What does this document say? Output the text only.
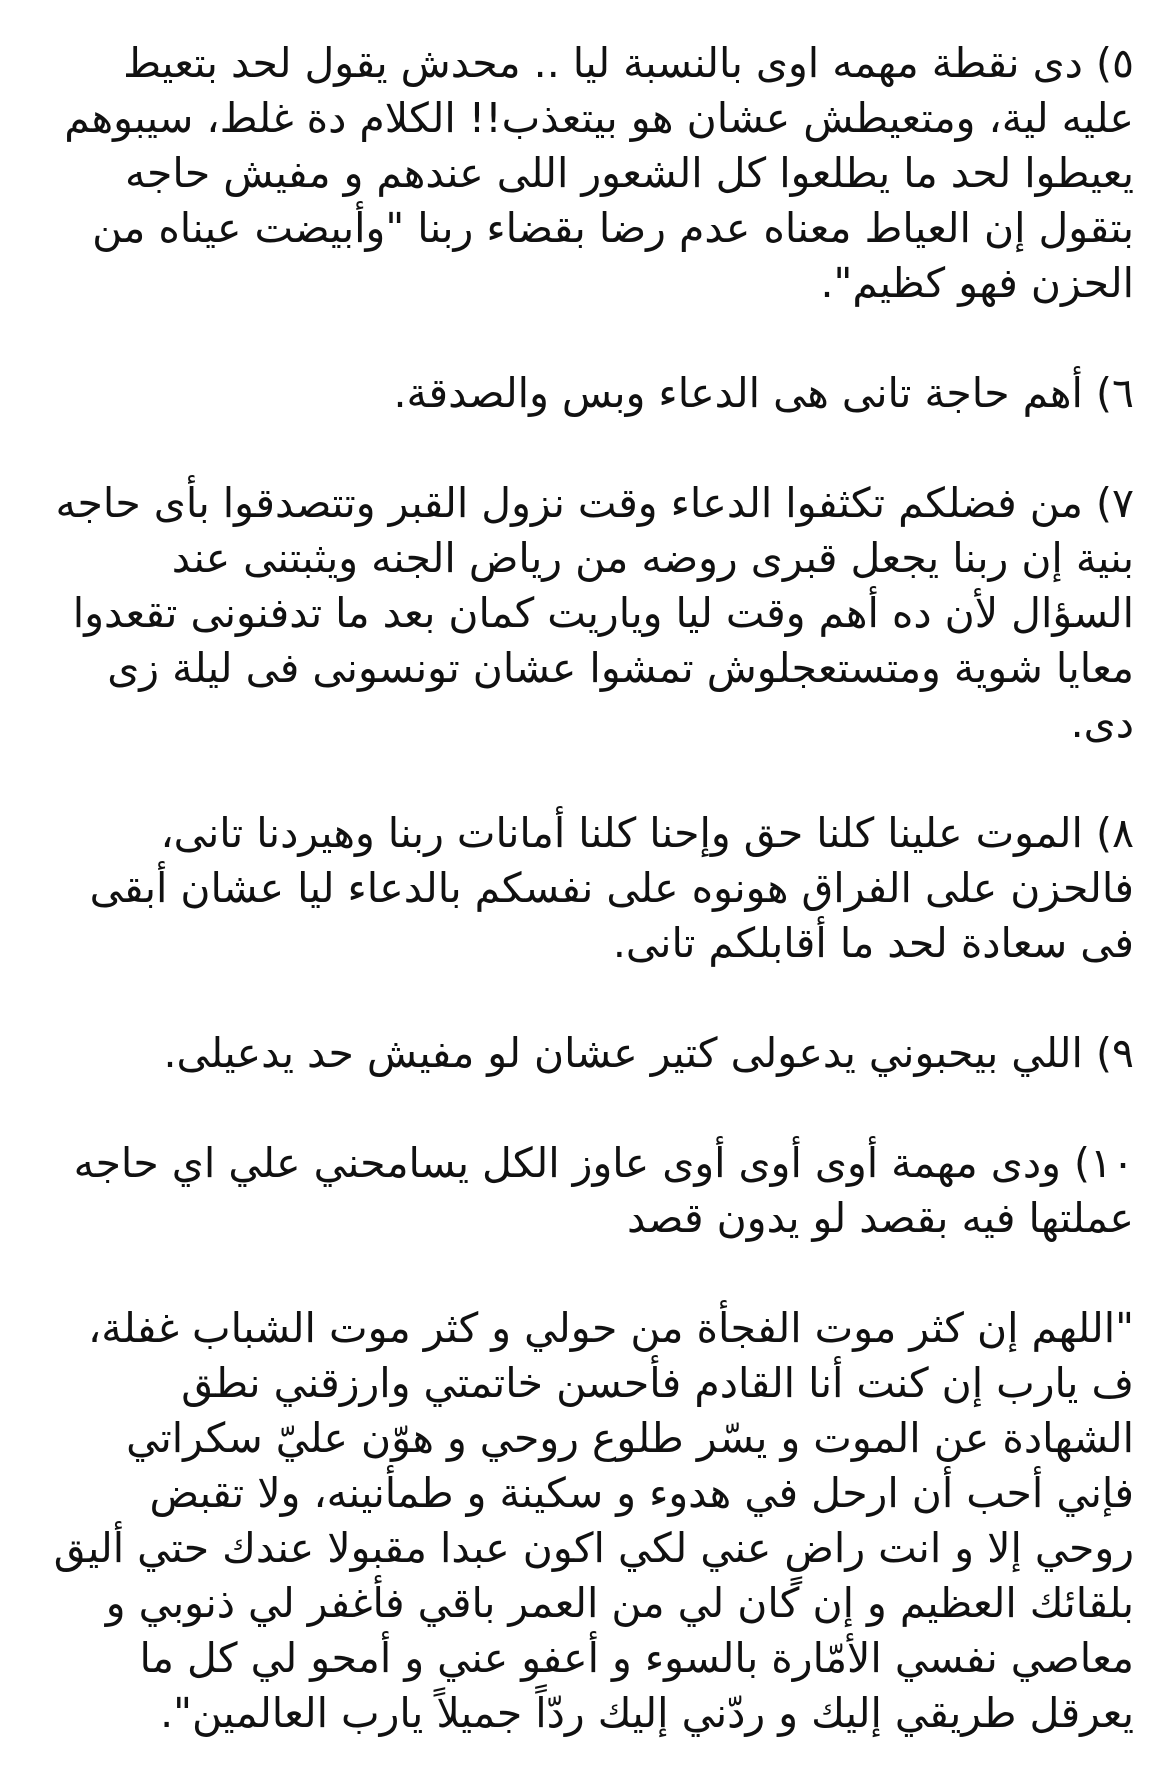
٥) دى نقطة مهمه اوى بالنسبة ليا .. محدش يقول لحد بتعيط عليه لية، ومتعيطش عشان هو بيتعذب!! الكلام دة غلط، سيبوهم يعيطوا لحد ما يطلعوا كل الشعور اللى عندهم و مفيش حاجه بتقول إن العياط معناه عدم رضا بقضاء ربنا "وأبيضت عيناه من الحزن فهو كظيم".

٦) أهم حاجة تانى هى الدعاء وبس والصدقة.

٧) من فضلكم تكثفوا الدعاء وقت نزول القبر وتتصدقوا بأى حاجه بنية إن ربنا يجعل قبرى روضه من رياض الجنه ويثبتنى عند السؤال لأن ده أهم وقت ليا وياريت كمان بعد ما تدفنونى تقعدوا معايا شوية ومتستعجلوش تمشوا عشان تونسونى فى ليلة زى دى.

٨) الموت علينا كلنا حق وإحنا كلنا أمانات ربنا وهيردنا تانى، فالحزن على الفراق هونوه على نفسكم بالدعاء ليا عشان أبقى فى سعادة لحد ما أقابلكم تانى.

٩) اللي بيحبوني يدعولى كتير عشان لو مفيش حد يدعيلى.

١٠) ودى مهمة أوى أوى أوى عاوز الكل يسامحني علي اي حاجه عملتها فيه بقصد لو يدون قصد

"اللهم إن كثر موت الفجأة من حولي و كثر موت الشباب غفلة، ف يارب إن كنت أنا القادم فأحسن خاتمتي وارزقني نطق الشهادة عن الموت و يسّر طلوع روحي و هوّن عليّ سكراتي فإني أحب أن ارحل في هدوء و سكينة و طمأنينه، ولا تقبض روحي إلا و انت راضٍ عني لكي اكون عبدا مقبولا عندك حتي أليق بلقائك العظيم و إن كان لي من العمر باقي فأغفر لي ذنوبي و معاصي نفسي الأمّارة بالسوء و أعفو عني و أمحو لي كل ما يعرقل طريقي إليك و ردّني إليك ردّاً جميلاً يارب العالمين".
